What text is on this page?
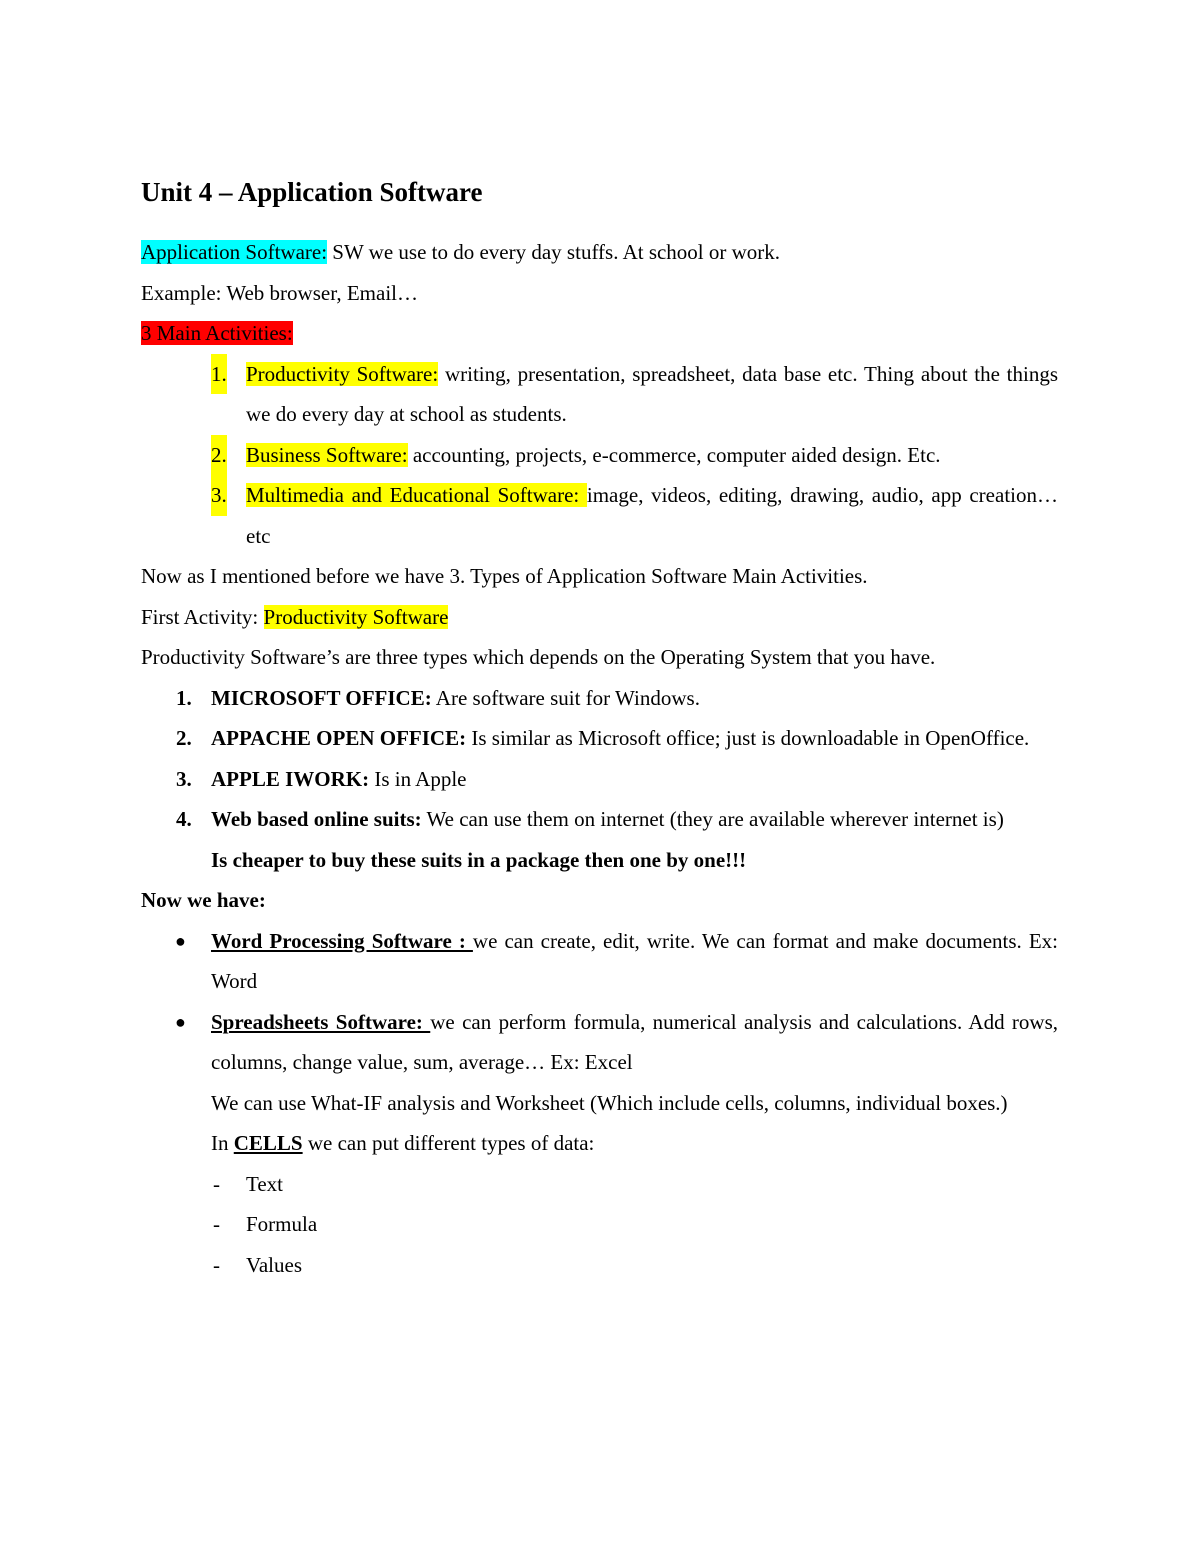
Unit 4 – Application Software

Application Software: SW we use to do every day stuffs. At school or work.

Example: Web browser, Email…

3 Main Activities:

1. Productivity Software: writing, presentation, spreadsheet, data base etc. Thing about the things we do every day at school as students.
2. Business Software: accounting, projects, e-commerce, computer aided design. Etc.
3. Multimedia and Educational Software: image, videos, editing, drawing, audio, app creation… etc

Now as I mentioned before we have 3. Types of Application Software Main Activities.

First Activity: Productivity Software

Productivity Software’s are three types which depends on the Operating System that you have.

1. MICROSOFT OFFICE: Are software suit for Windows.
2. APPACHE OPEN OFFICE: Is similar as Microsoft office; just is downloadable in OpenOffice.
3. APPLE IWORK: Is in Apple
4. Web based online suits: We can use them on internet (they are available wherever internet is)

Is cheaper to buy these suits in a package then one by one!!!

Now we have:

● Word Processing Software : we can create, edit, write. We can format and make documents. Ex: Word
● Spreadsheets Software: we can perform formula, numerical analysis and calculations. Add rows, columns, change value, sum, average… Ex: Excel

We can use What-IF analysis and Worksheet (Which include cells, columns, individual boxes.)

In CELLS we can put different types of data:

- Text
- Formula
- Values
